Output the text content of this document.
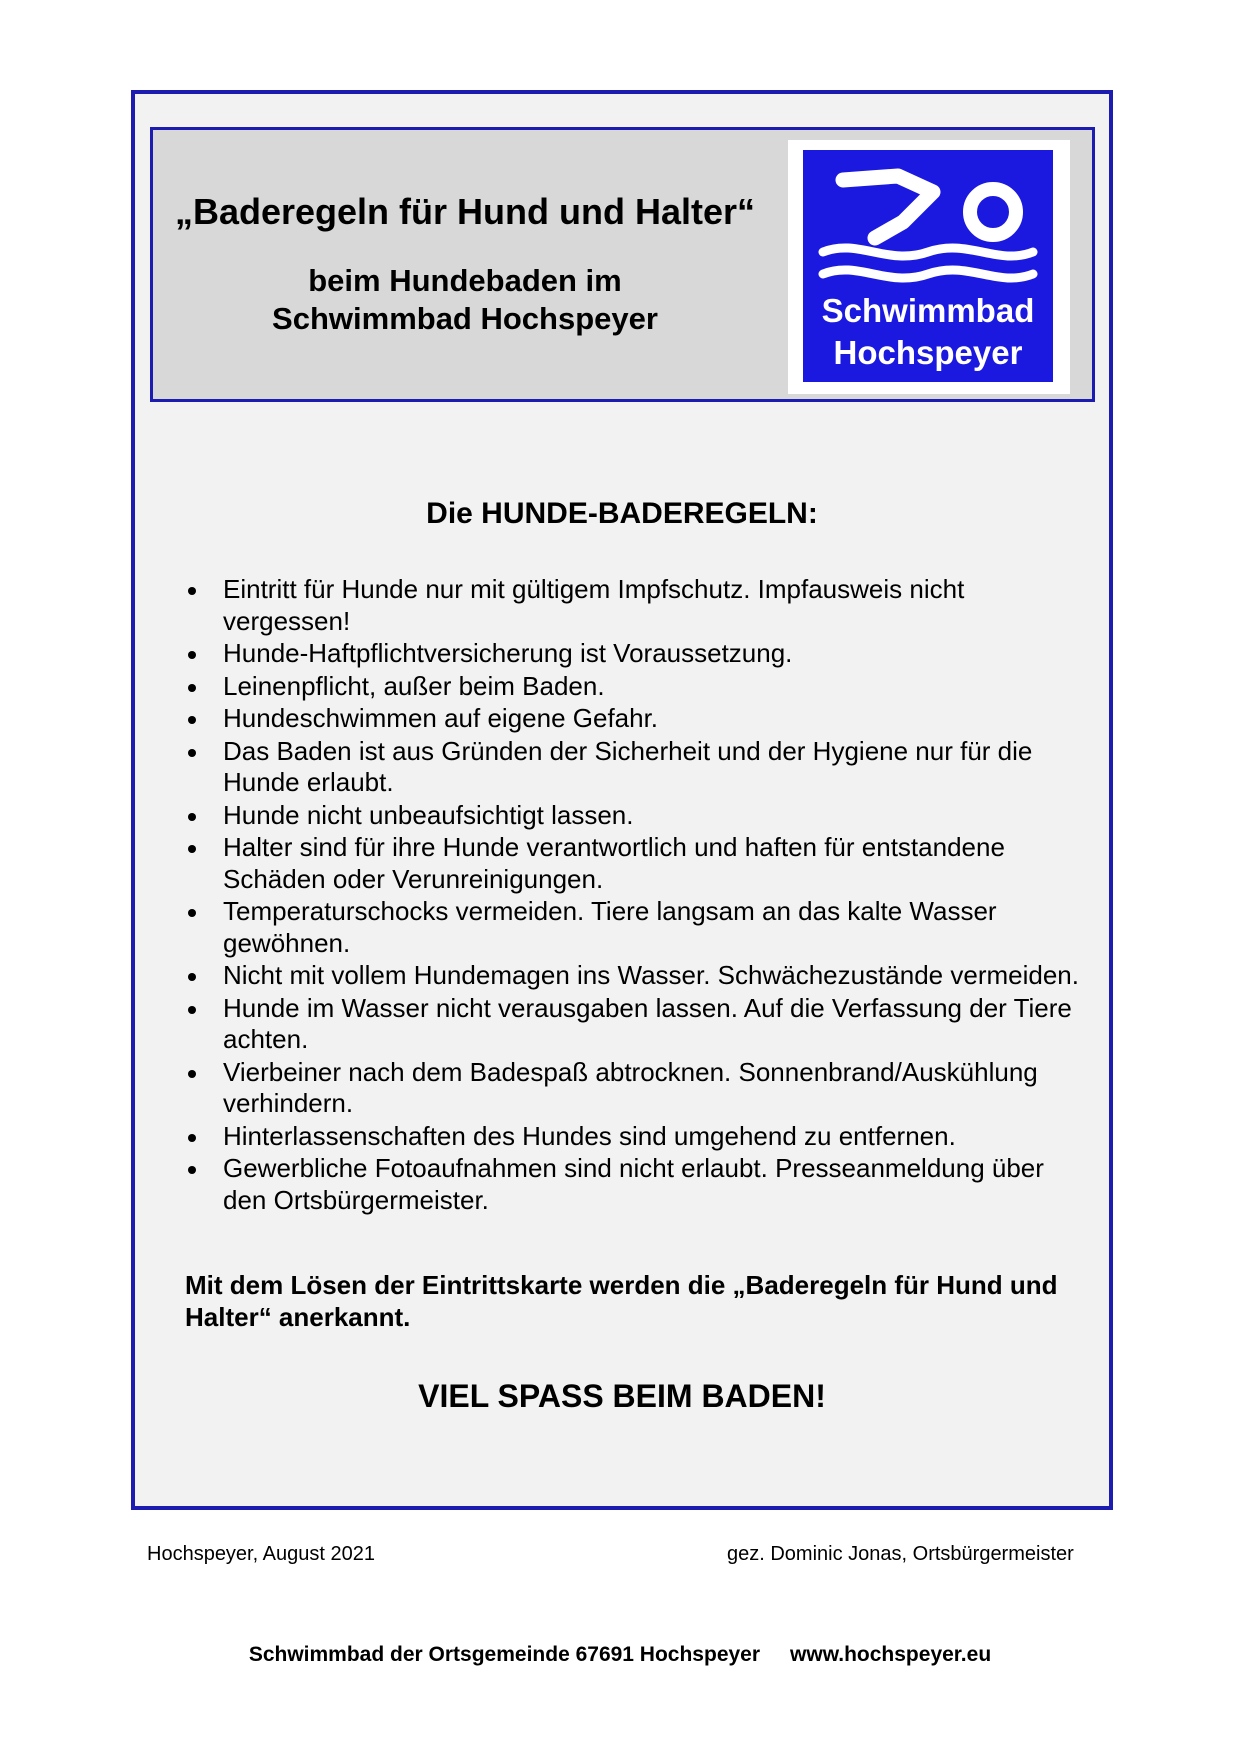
„Baderegeln für Hund und Halter“
beim Hundebaden im
Schwimmbad Hochspeyer	Schwimmbad
Hochspeyer
Die HUNDE-BADEREGELN:
Eintritt für Hunde nur mit gültigem Impfschutz. Impfausweis nicht vergessen!
Hunde-Haftpflichtversicherung ist Voraussetzung.
Leinenpflicht, außer beim Baden.
Hundeschwimmen auf eigene Gefahr.
Das Baden ist aus Gründen der Sicherheit und der Hygiene nur für die Hunde erlaubt.
Hunde nicht unbeaufsichtigt lassen.
Halter sind für ihre Hunde verantwortlich und haften für entstandene Schäden oder Verunreinigungen.
Temperaturschocks vermeiden. Tiere langsam an das kalte Wasser gewöhnen.
Nicht mit vollem Hundemagen ins Wasser. Schwächezustände vermeiden.
Hunde im Wasser nicht verausgaben lassen. Auf die Verfassung der Tiere achten.
Vierbeiner nach dem Badespaß abtrocknen. Sonnenbrand/Auskühlung verhindern.
Hinterlassenschaften des Hundes sind umgehend zu entfernen.
Gewerbliche Fotoaufnahmen sind nicht erlaubt. Presseanmeldung über den Ortsbürgermeister.

Mit dem Lösen der Eintrittskarte werden die „Baderegeln für Hund und Halter“ anerkannt.

VIEL SPASS BEIM BADEN!

Hochspeyer, August 2021	gez. Dominic Jonas, Ortsbürgermeister
Schwimmbad der Ortsgemeinde 67691 Hochspeyer www.hochspeyer.eu
